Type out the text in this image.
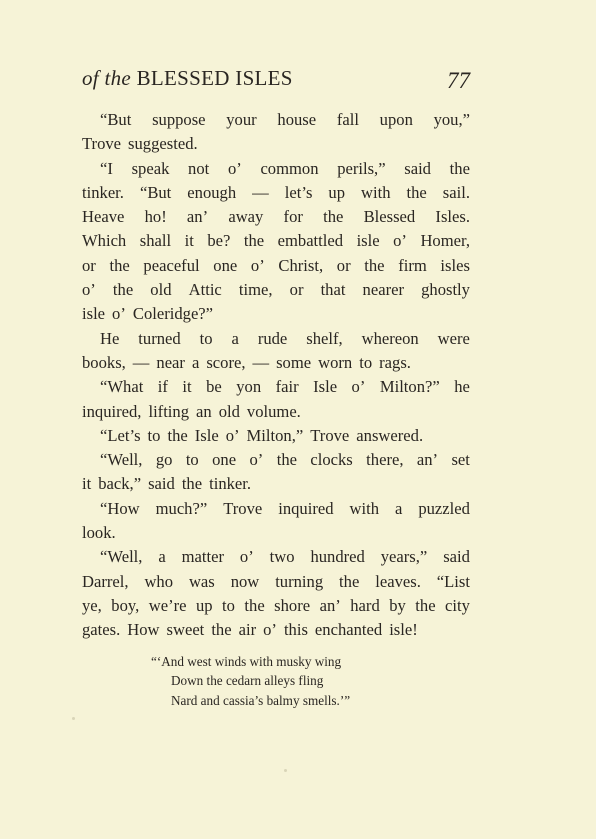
of the BLESSED ISLES	77
“But suppose your house fall upon you,”
Trove suggested.
“I speak not o’ common perils,” said the
tinker. “But enough — let’s up with the sail.
Heave ho! an’ away for the Blessed Isles.
Which shall it be? the embattled isle o’ Homer,
or the peaceful one o’ Christ, or the firm isles
o’ the old Attic time, or that nearer ghostly
isle o’ Coleridge?”
He turned to a rude shelf, whereon were
books, — near a score, — some worn to rags.
“What if it be yon fair Isle o’ Milton?” he
inquired, lifting an old volume.
“Let’s to the Isle o’ Milton,” Trove answered.
“Well, go to one o’ the clocks there, an’ set
it back,” said the tinker.
“How much?” Trove inquired with a puzzled
look.
“Well, a matter o’ two hundred years,” said
Darrel, who was now turning the leaves. “List
ye, boy, we’re up to the shore an’ hard by the city
gates. How sweet the air o’ this enchanted isle!
“‘And west winds with musky wing
Down the cedarn alleys fling
Nard and cassia’s balmy smells.’”
